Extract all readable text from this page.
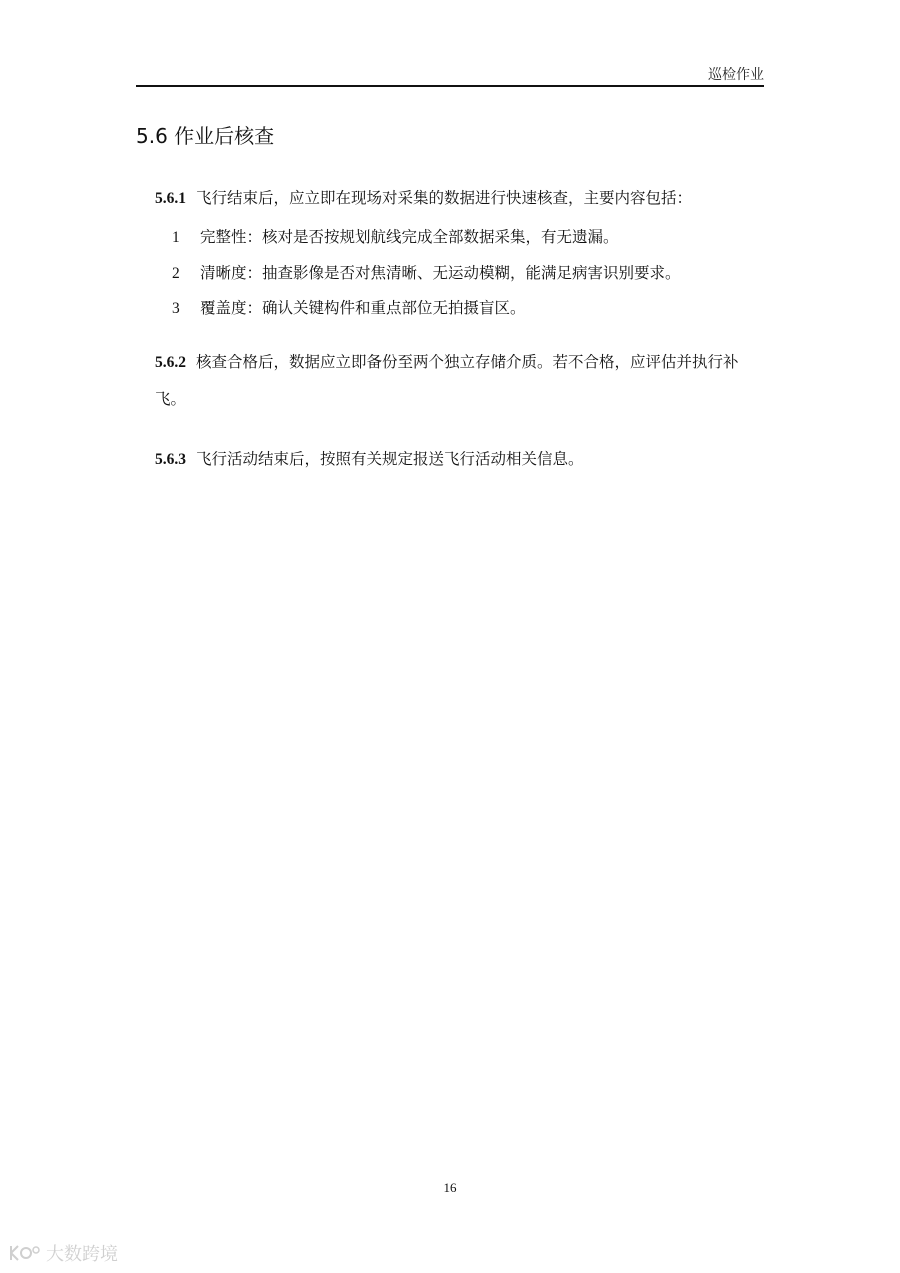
巡检作业
5.6 作业后核查

5.6.1 飞行结束后，应立即在现场对采集的数据进行快速核查，主要内容包括：

1 完整性：核对是否按规划航线完成全部数据采集，有无遗漏。

2 清晰度：抽查影像是否对焦清晰、无运动模糊，能满足病害识别要求。

3 覆盖度：确认关键构件和重点部位无拍摄盲区。

5.6.2 核查合格后，数据应立即备份至两个独立存储介质。若不合格，应评估并执行补飞。

5.6.3 飞行活动结束后，按照有关规定报送飞行活动相关信息。

16
大数跨境
